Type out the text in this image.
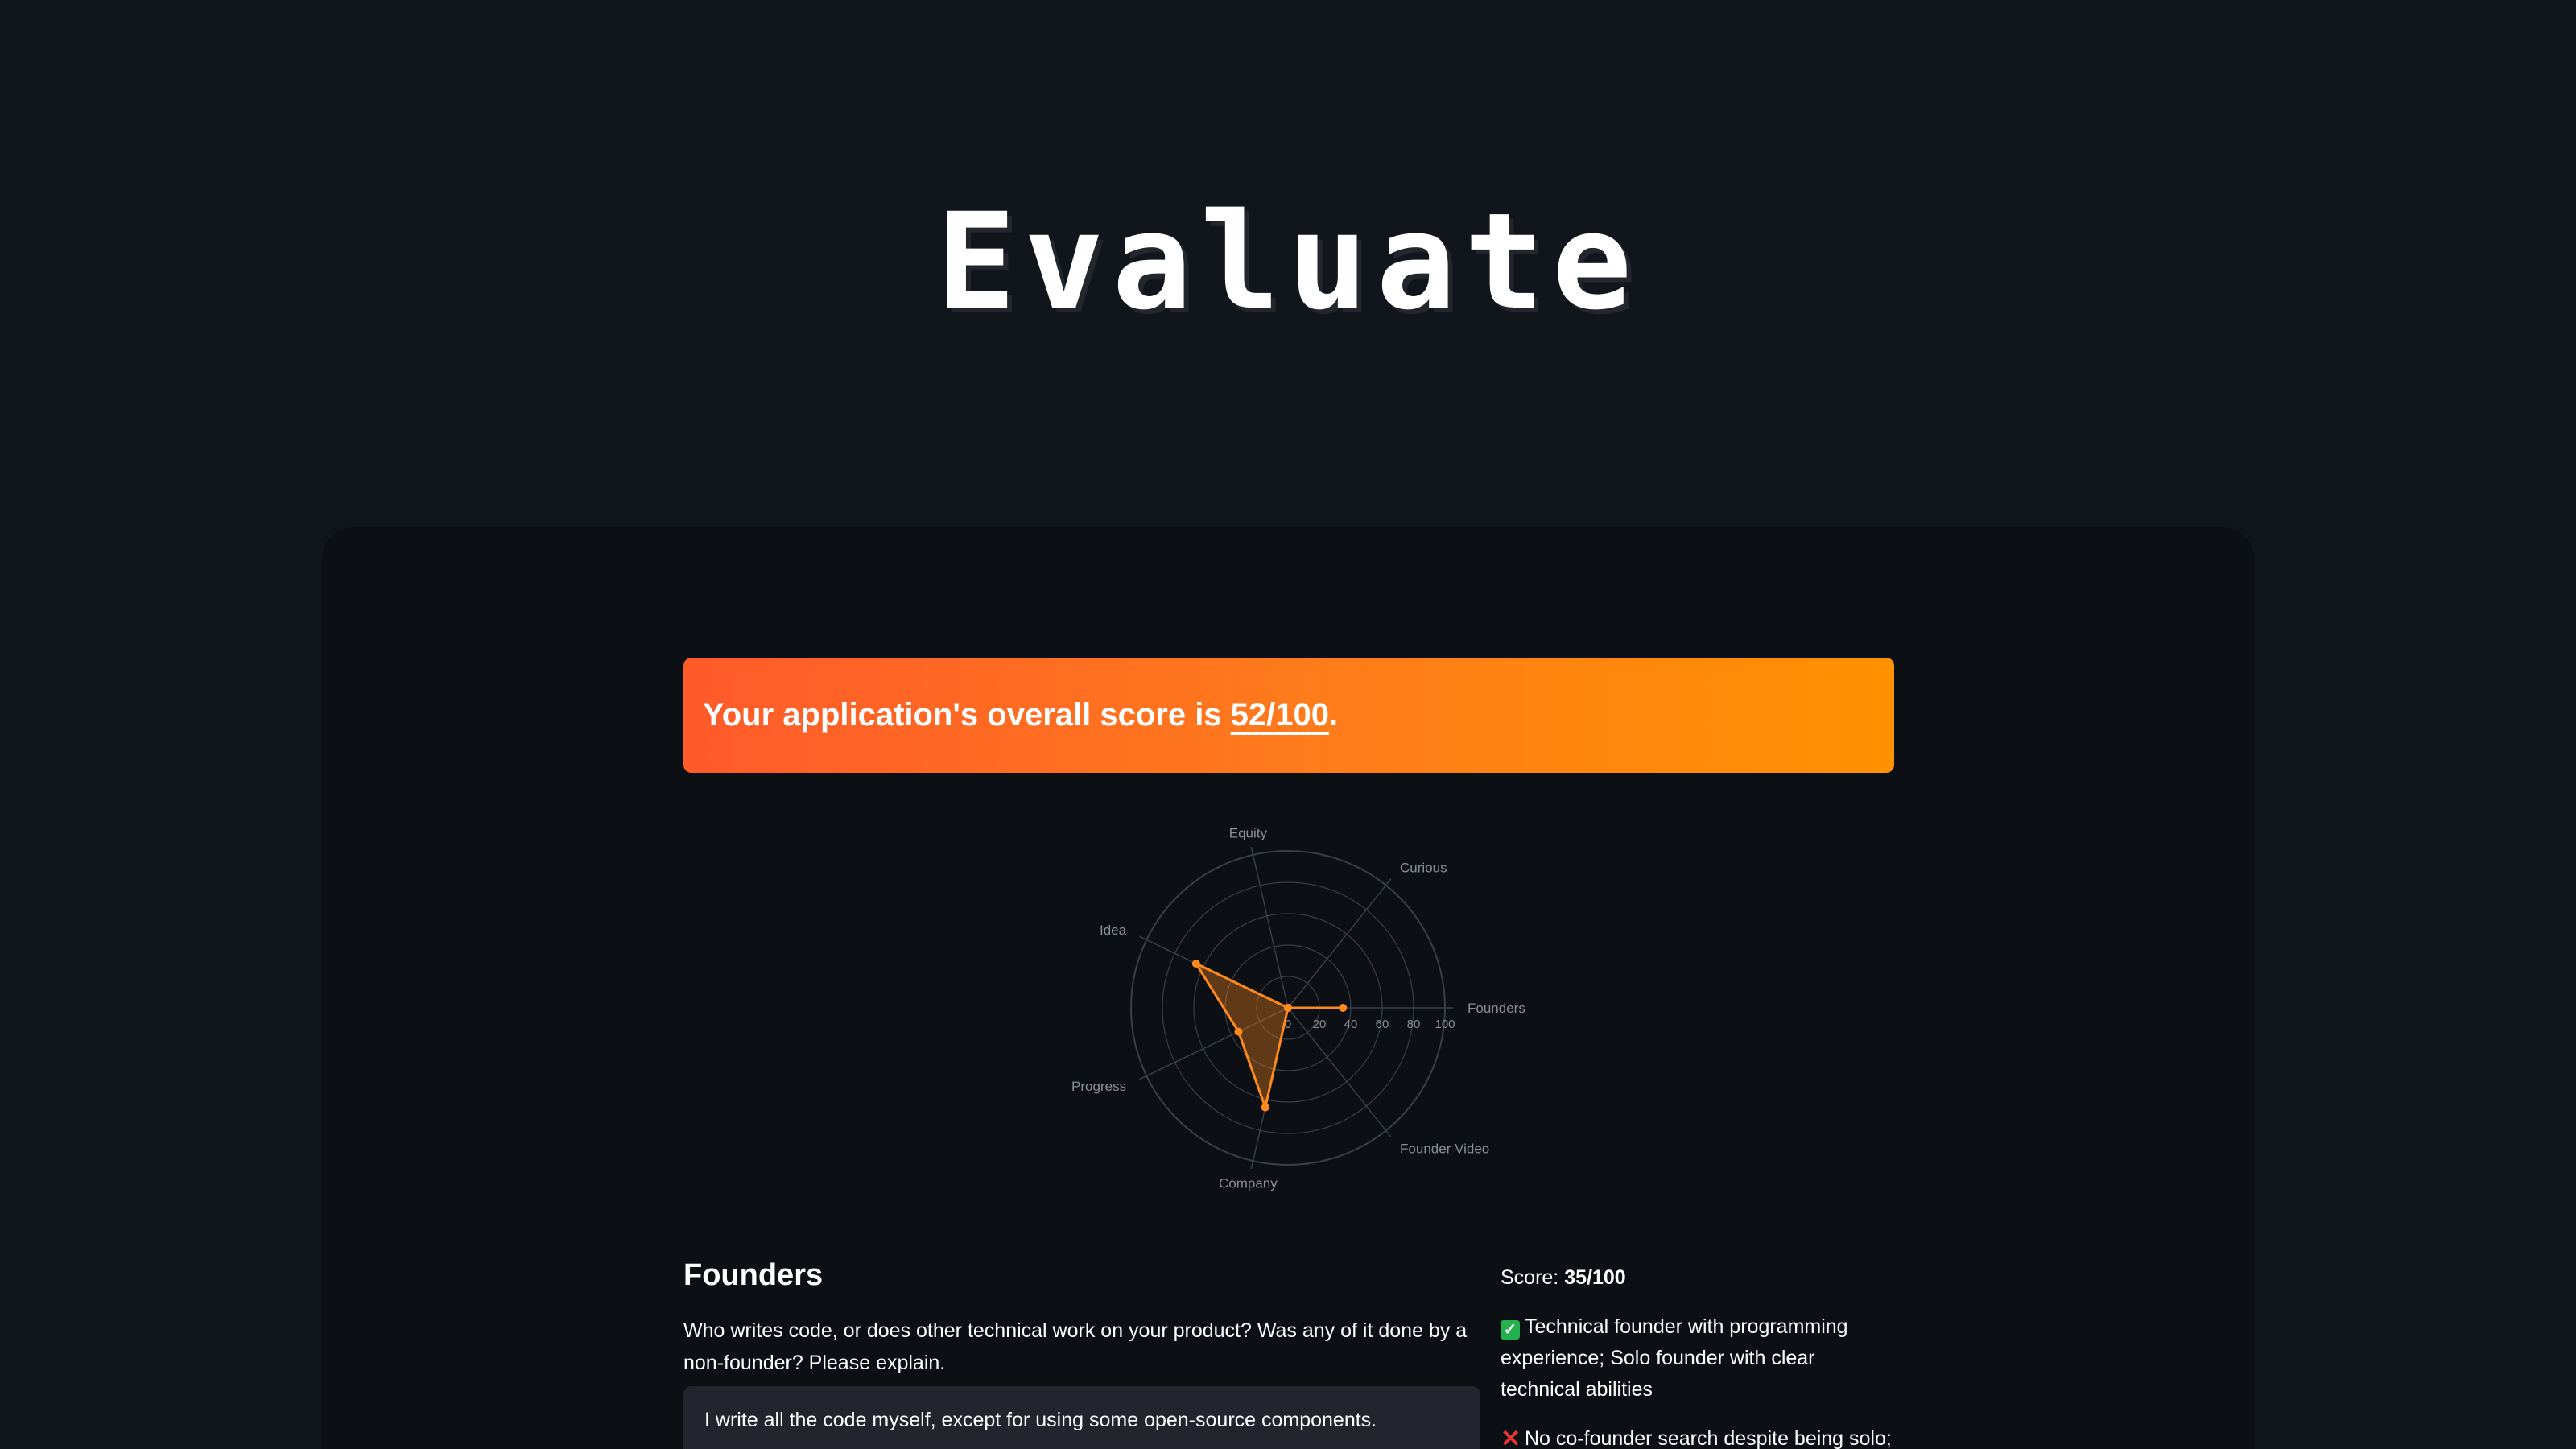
Evaluate
Your application's overall score is 52/100.
0 20 40 60 80 100
Founders
Founder Video
Company
Progress
Idea
Equity
Curious
Founders
Who writes code, or does other technical work on your product? Was any of it done by a non-founder? Please explain.
I write all the code myself, except for using some open-source components.
Score: 35/100
✓ Technical founder with programming experience; Solo founder with clear technical abilities
✕ No co-founder search despite being solo;
